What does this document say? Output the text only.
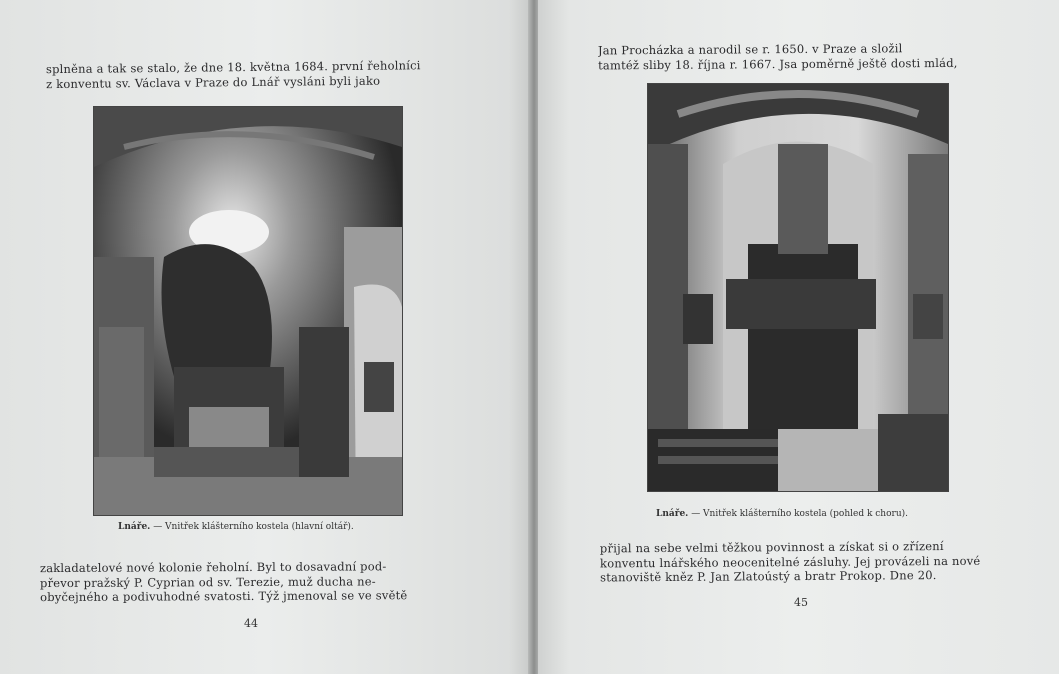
splněna a tak se stalo, že dne 18. května 1684. první řeholníci
z konventu sv. Václava v Praze do Lnář vysláni byli jako
Lnáře. — Vnitřek klášterního kostela (hlavní oltář).
zakladatelové nové kolonie řeholní. Byl to dosavadní pod-
převor pražský P. Cyprian od sv. Terezie, muž ducha ne-
obyčejného a podivuhodné svatosti. Týž jmenoval se ve světě
44
Jan Procházka a narodil se r. 1650. v Praze a složil
tamtéž sliby 18. října r. 1667. Jsa poměrně ještě dosti mlád,
Lnáře. — Vnitřek klášterního kostela (pohled k choru).
přijal na sebe velmi těžkou povinnost a získat si o zřízení
konventu lnářského neocenitelné zásluhy. Jej provázeli na nové
stanoviště kněz P. Jan Zlatoústý a bratr Prokop. Dne 20.
45
